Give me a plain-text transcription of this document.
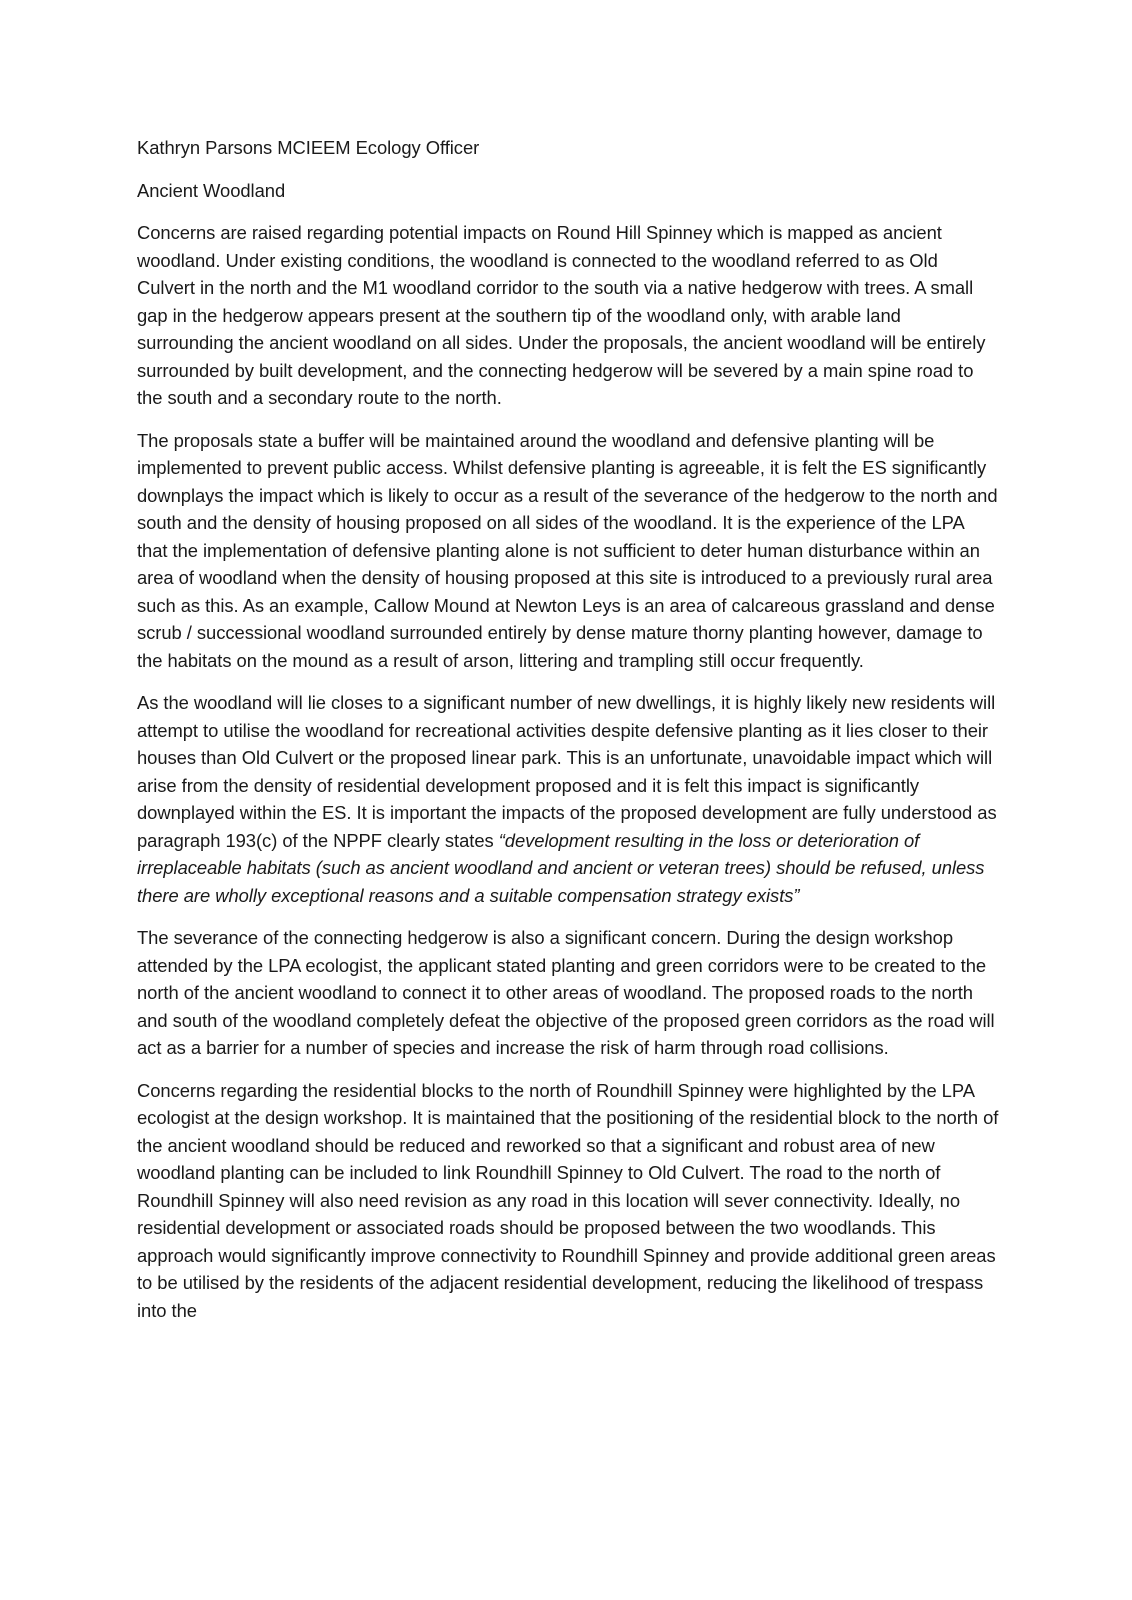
Kathryn Parsons MCIEEM Ecology Officer

Ancient Woodland

Concerns are raised regarding potential impacts on Round Hill Spinney which is mapped as ancient woodland. Under existing conditions, the woodland is connected to the woodland referred to as Old Culvert in the north and the M1 woodland corridor to the south via a native hedgerow with trees. A small gap in the hedgerow appears present at the southern tip of the woodland only, with arable land surrounding the ancient woodland on all sides. Under the proposals, the ancient woodland will be entirely surrounded by built development, and the connecting hedgerow will be severed by a main spine road to the south and a secondary route to the north.

The proposals state a buffer will be maintained around the woodland and defensive planting will be implemented to prevent public access. Whilst defensive planting is agreeable, it is felt the ES significantly downplays the impact which is likely to occur as a result of the severance of the hedgerow to the north and south and the density of housing proposed on all sides of the woodland. It is the experience of the LPA that the implementation of defensive planting alone is not sufficient to deter human disturbance within an area of woodland when the density of housing proposed at this site is introduced to a previously rural area such as this. As an example, Callow Mound at Newton Leys is an area of calcareous grassland and dense scrub / successional woodland surrounded entirely by dense mature thorny planting however, damage to the habitats on the mound as a result of arson, littering and trampling still occur frequently.

As the woodland will lie closes to a significant number of new dwellings, it is highly likely new residents will attempt to utilise the woodland for recreational activities despite defensive planting as it lies closer to their houses than Old Culvert or the proposed linear park. This is an unfortunate, unavoidable impact which will arise from the density of residential development proposed and it is felt this impact is significantly downplayed within the ES. It is important the impacts of the proposed development are fully understood as paragraph 193(c) of the NPPF clearly states “development resulting in the loss or deterioration of irreplaceable habitats (such as ancient woodland and ancient or veteran trees) should be refused, unless there are wholly exceptional reasons and a suitable compensation strategy exists”

The severance of the connecting hedgerow is also a significant concern. During the design workshop attended by the LPA ecologist, the applicant stated planting and green corridors were to be created to the north of the ancient woodland to connect it to other areas of woodland. The proposed roads to the north and south of the woodland completely defeat the objective of the proposed green corridors as the road will act as a barrier for a number of species and increase the risk of harm through road collisions.

Concerns regarding the residential blocks to the north of Roundhill Spinney were highlighted by the LPA ecologist at the design workshop. It is maintained that the positioning of the residential block to the north of the ancient woodland should be reduced and reworked so that a significant and robust area of new woodland planting can be included to link Roundhill Spinney to Old Culvert. The road to the north of Roundhill Spinney will also need revision as any road in this location will sever connectivity. Ideally, no residential development or associated roads should be proposed between the two woodlands. This approach would significantly improve connectivity to Roundhill Spinney and provide additional green areas to be utilised by the residents of the adjacent residential development, reducing the likelihood of trespass into the
